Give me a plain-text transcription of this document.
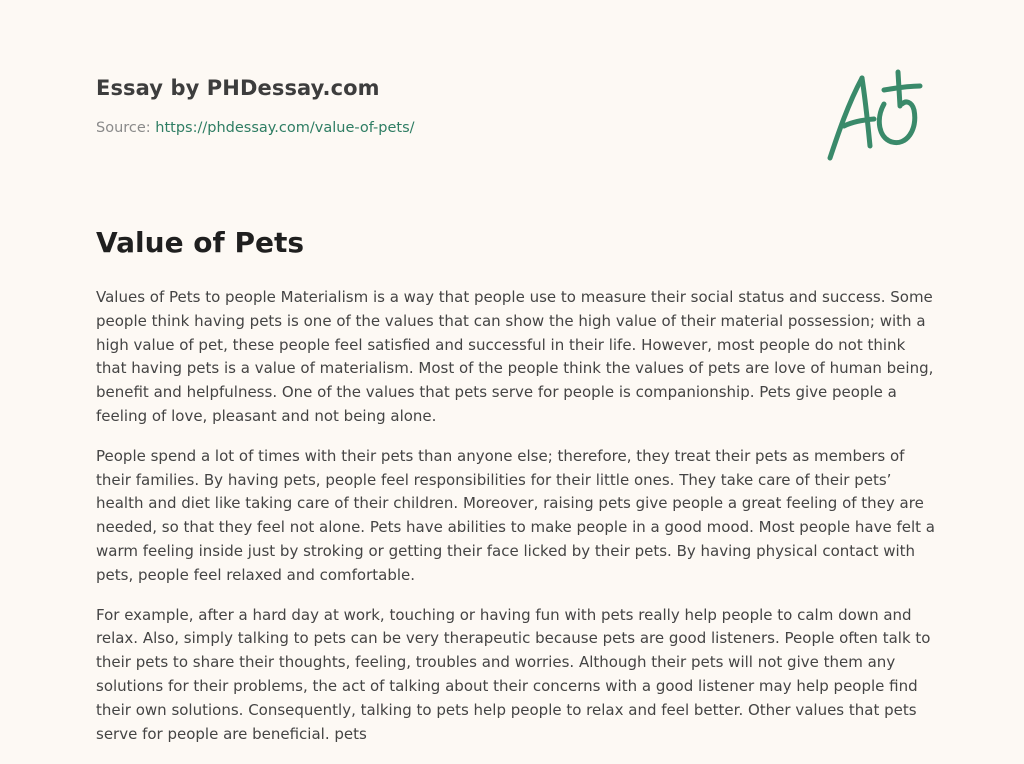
Essay by PHDessay.com
Source: https://phdessay.com/value-of-pets/
Value of Pets

Values of Pets to people Materialism is a way that people use to measure their social status and success. Some people think having pets is one of the values that can show the high value of their material possession; with a high value of pet, these people feel satisfied and successful in their life. However, most people do not think that having pets is a value of materialism. Most of the people think the values of pets are love of human being, benefit and helpfulness. One of the values that pets serve for people is companionship. Pets give people a feeling of love, pleasant and not being alone.

People spend a lot of times with their pets than anyone else; therefore, they treat their pets as members of their families. By having pets, people feel responsibilities for their little ones. They take care of their pets’ health and diet like taking care of their children. Moreover, raising pets give people a great feeling of they are needed, so that they feel not alone. Pets have abilities to make people in a good mood. Most people have felt a warm feeling inside just by stroking or getting their face licked by their pets. By having physical contact with pets, people feel relaxed and comfortable.

For example, after a hard day at work, touching or having fun with pets really help people to calm down and relax. Also, simply talking to pets can be very therapeutic because pets are good listeners. People often talk to their pets to share their thoughts, feeling, troubles and worries. Although their pets will not give them any solutions for their problems, the act of talking about their concerns with a good listener may help people find their own solutions. Consequently, talking to pets help people to relax and feel better. Other values that pets serve for people are beneficial. pets
